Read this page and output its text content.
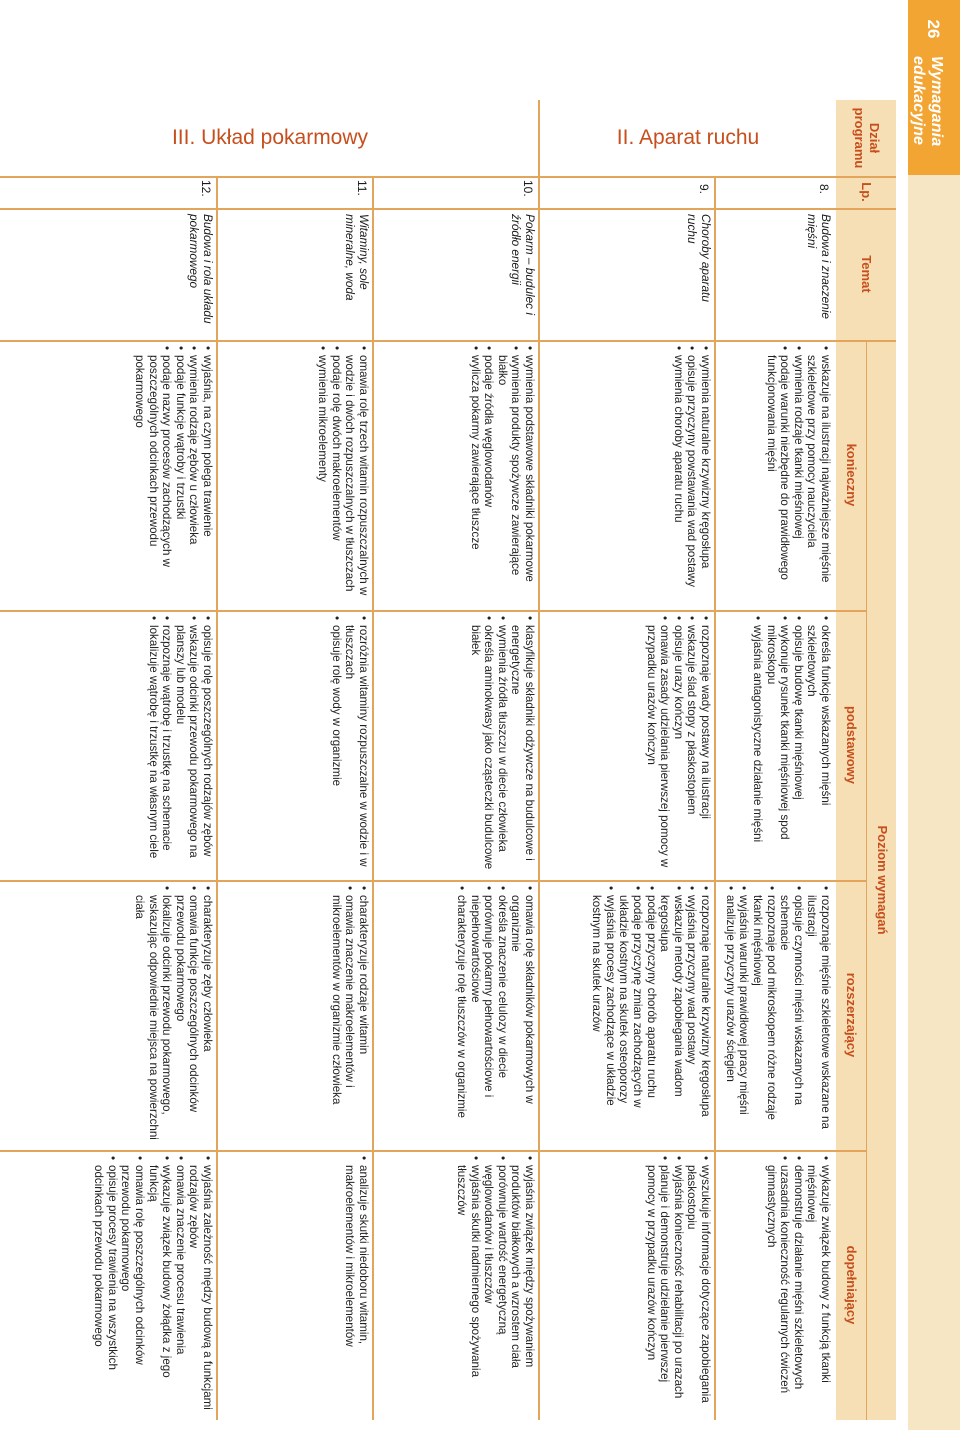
26
Wymagania edukacyjne
Dział programu
Lp.
Temat
Poziom wymagań
konieczny
podstawowy
rozszerzający
dopełniający
II. Aparat ruchu
III. Układ pokarmowy
8.
Budowa i znaczenie mięśni
• wskazuje na ilustracji najważniejsze mięśnie szkieletowe przy pomocy nauczyciela
• wymienia rodzaje tkanki mięśniowej
• podaje warunki niezbędne do prawidłowego funkcjonowania mięśni
• określa funkcje wskazanych mięśni szkieletowych
• opisuje budowę tkanki mięśniowej
• wykonuje rysunek tkanki mięśniowej spod mikroskopu
• wyjaśnia antagonistyczne działanie mięśni
• rozpoznaje mięśnie szkieletowe wskazane na ilustracji
• opisuje czynności mięśni wskazanych na schemacie
• rozpoznaje pod mikroskopem różne rodzaje tkanki mięśniowej
• wyjaśnia warunki prawidłowej pracy mięśni
• analizuje przyczyny urazów ścięgien
• wykazuje związek budowy z funkcją tkanki mięśniowej
• demonstruje działanie mięśni szkieletowych
• uzasadnia konieczność regularnych ćwiczeń gimnastycznych
9.
Choroby aparatu ruchu
• wymienia naturalne krzywizny kręgosłupa
• opisuje przyczyny powstawania wad postawy
• wymienia choroby aparatu ruchu
• rozpoznaje wady postawy na ilustracji
• wskazuje ślad stopy z płaskostopiem
• opisuje urazy kończyn
• omawia zasady udzielania pierwszej pomocy w przypadku urazów kończyn
• rozpoznaje naturalne krzywizny kręgosłupa
• wyjaśnia przyczyny wad postawy
• wskazuje metody zapobiegania wadom kręgosłupa
• podaje przyczyny chorób aparatu ruchu
• podaje przyczynę zmian zachodzących w układzie kostnym na skutek osteoporozy
• wyjaśnia procesy zachodzące w układzie kostnym na skutek urazów
• wyszukuje informacje dotyczące zapobiegania płaskostopiu
• wyjaśnia konieczność rehabilitacji po urazach
• planuje i demonstruje udzielanie pierwszej pomocy w przypadku urazów kończyn
10.
Pokarm – budulec i źródło energii
• wymienia podstawowe składniki pokarmowe
• wymienia produkty spożywcze zawierające białko
• podaje źródła węglowodanów
• wylicza pokarmy zawierające tłuszcze
• klasyfikuje składniki odżywcze na budulcowe i energetyczne
• wymienia źródła tłuszczu w diecie człowieka
• określa aminokwasy jako cząsteczki budulcowe białek
• omawia rolę składników pokarmowych w organizmie
• określa znaczenie celulozy w diecie
• porównuje pokarmy pełnowartościowe i niepełnowartościowe
• charakteryzuje rolę tłuszczów w organizmie
• wyjaśnia związek między spożywaniem produktów białkowych a wzrostem ciała
• porównuje wartość energetyczną węglowodanów i tłuszczów
• wyjaśnia skutki nadmiernego spożywania tłuszczów
11.
Witaminy, sole mineralne, woda
• omawia rolę trzech witamin rozpuszczalnych w wodzie i dwóch rozpuszczalnych w tłuszczach
• podaje rolę dwóch makroelementów
• wymienia mikroelementy
• rozróżnia witaminy rozpuszczalne w wodzie i w tłuszczach
• opisuje rolę wody w organizmie
• charakteryzuje rodzaje witamin
• omawia znaczenie makroelementów i mikroelementów w organizmie człowieka
• analizuje skutki niedoboru witamin, makroelementów i mikroelementów
12.
Budowa i rola układu pokarmowego
• wyjaśnia, na czym polega trawienie
• wymienia rodzaje zębów u człowieka
• podaje funkcje wątroby i trzustki
• podaje nazwy procesów zachodzących w poszczególnych odcinkach przewodu pokarmowego
• opisuje rolę poszczególnych rodzajów zębów
• wskazuje odcinki przewodu pokarmowego na planszy lub modelu
• rozpoznaje wątrobę i trzustkę na schemacie
• lokalizuje wątrobę i trzustkę na własnym ciele
• charakteryzuje zęby człowieka
• omawia funkcje poszczególnych odcinków przewodu pokarmowego
• lokalizuje odcinki przewodu pokarmowego, wskazując odpowiednie miejsca na powierzchni ciała
• wyjaśnia zależność między budową a funkcjami rodzajów zębów
• omawia znaczenie procesu trawienia
• wykazuje związek budowy żołądka z jego funkcją
• omawia rolę poszczególnych odcinków przewodu pokarmowego
• opisuje procesy trawienia na wszystkich odcinkach przewodu pokarmowego
